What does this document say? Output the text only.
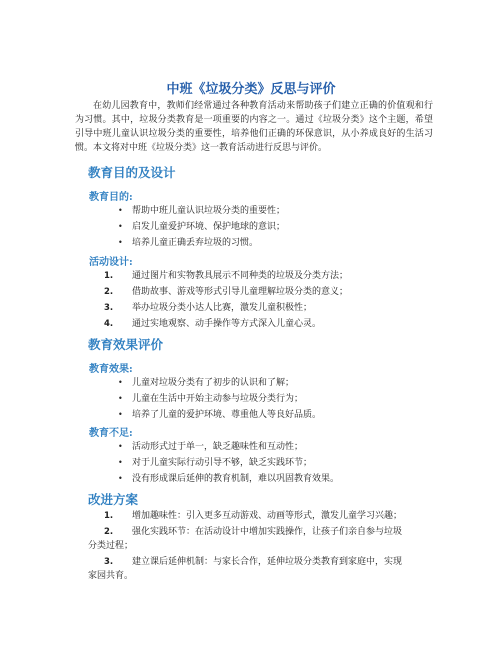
中班《垃圾分类》反思与评价

在幼儿园教育中，教师们经常通过各种教育活动来帮助孩子们建立正确的价值观和行为习惯。其中，垃圾分类教育是一项重要的内容之一。通过《垃圾分类》这个主题，希望引导中班儿童认识垃圾分类的重要性，培养他们正确的环保意识，从小养成良好的生活习惯。本文将对中班《垃圾分类》这一教育活动进行反思与评价。

教育目的及设计
教育目的:
• 帮助中班儿童认识垃圾分类的重要性；
• 启发儿童爱护环境、保护地球的意识；
• 培养儿童正确丢弃垃圾的习惯。
活动设计:
1. 通过图片和实物教具展示不同种类的垃圾及分类方法；
2. 借助故事、游戏等形式引导儿童理解垃圾分类的意义；
3. 举办垃圾分类小达人比赛，激发儿童积极性；
4. 通过实地观察、动手操作等方式深入儿童心灵。
教育效果评价
教育效果:
• 儿童对垃圾分类有了初步的认识和了解；
• 儿童在生活中开始主动参与垃圾分类行为；
• 培养了儿童的爱护环境、尊重他人等良好品质。
教育不足:
• 活动形式过于单一，缺乏趣味性和互动性；
• 对于儿童实际行动引导不够，缺乏实践环节；
• 没有形成课后延伸的教育机制，难以巩固教育效果。
改进方案
1. 增加趣味性：引入更多互动游戏、动画等形式，激发儿童学习兴趣；
2. 强化实践环节：在活动设计中增加实践操作，让孩子们亲自参与垃圾
分类过程；
3. 建立课后延伸机制：与家长合作，延伸垃圾分类教育到家庭中，实现
家园共育。
